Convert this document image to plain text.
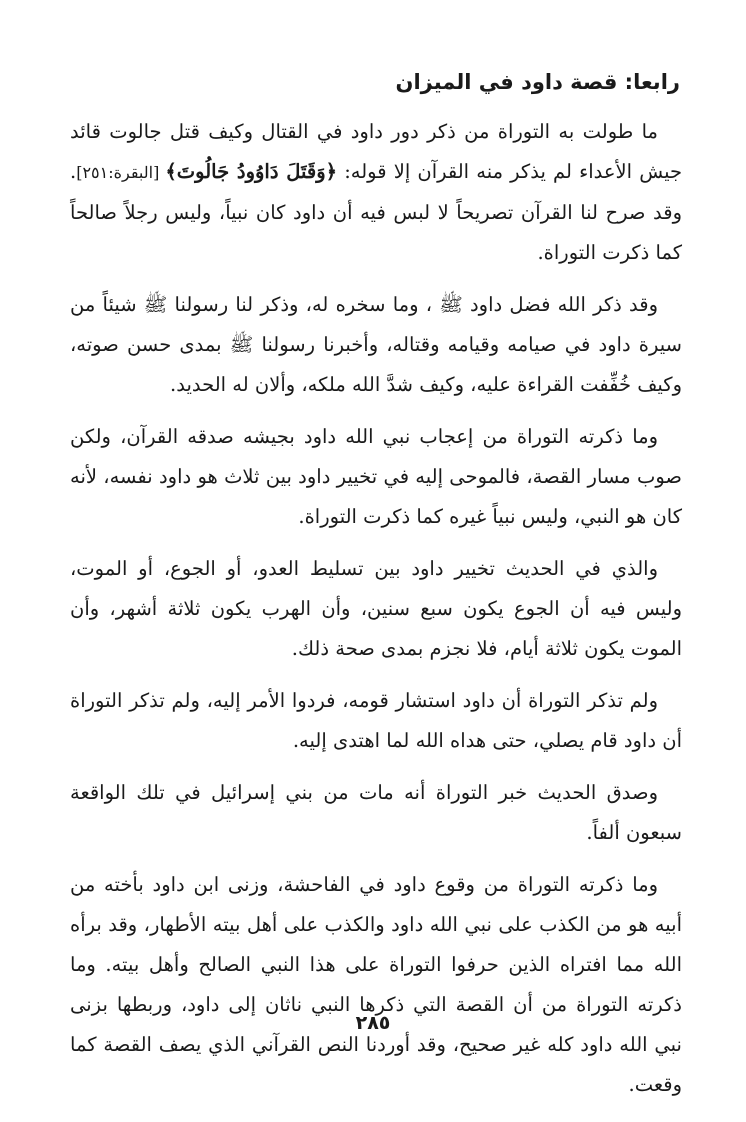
رابعا: قصة داود في الميزان

ما طولت به التوراة من ذكر دور داود في القتال وكيف قتل جالوت قائد جيش الأعداء لم يذكر منه القرآن إلا قوله: ﴿وَقَتَلَ دَاوُودُ جَالُوتَ﴾ [البقرة:٢٥١]. وقد صرح لنا القرآن تصريحاً لا لبس فيه أن داود كان نبياً، وليس رجلاً صالحاً كما ذكرت التوراة.

وقد ذكر الله فضل داود ﷺ ، وما سخره له، وذكر لنا رسولنا ﷺ شيئاً من سيرة داود في صيامه وقيامه وقتاله، وأخبرنا رسولنا ﷺ بمدى حسن صوته، وكيف خُفِّفت القراءة عليه، وكيف شدَّ الله ملكه، وألان له الحديد.

وما ذكرته التوراة من إعجاب نبي الله داود بجيشه صدقه القرآن، ولكن صوب مسار القصة، فالموحى إليه في تخيير داود بين ثلاث هو داود نفسه، لأنه كان هو النبي، وليس نبياً غيره كما ذكرت التوراة.

والذي في الحديث تخيير داود بين تسليط العدو، أو الجوع، أو الموت، وليس فيه أن الجوع يكون سبع سنين، وأن الهرب يكون ثلاثة أشهر، وأن الموت يكون ثلاثة أيام، فلا نجزم بمدى صحة ذلك.

ولم تذكر التوراة أن داود استشار قومه، فردوا الأمر إليه، ولم تذكر التوراة أن داود قام يصلي، حتى هداه الله لما اهتدى إليه.

وصدق الحديث خبر التوراة أنه مات من بني إسرائيل في تلك الواقعة سبعون ألفاً.

وما ذكرته التوراة من وقوع داود في الفاحشة، وزنى ابن داود بأخته من أبيه هو من الكذب على نبي الله داود والكذب على أهل بيته الأطهار، وقد برأه الله مما افتراه الذين حرفوا التوراة على هذا النبي الصالح وأهل بيته. وما ذكرته التوراة من أن القصة التي ذكرها النبي ناثان إلى داود، وربطها بزنى نبي الله داود كله غير صحيح، وقد أوردنا النص القرآني الذي يصف القصة كما وقعت.

٢٨٥
